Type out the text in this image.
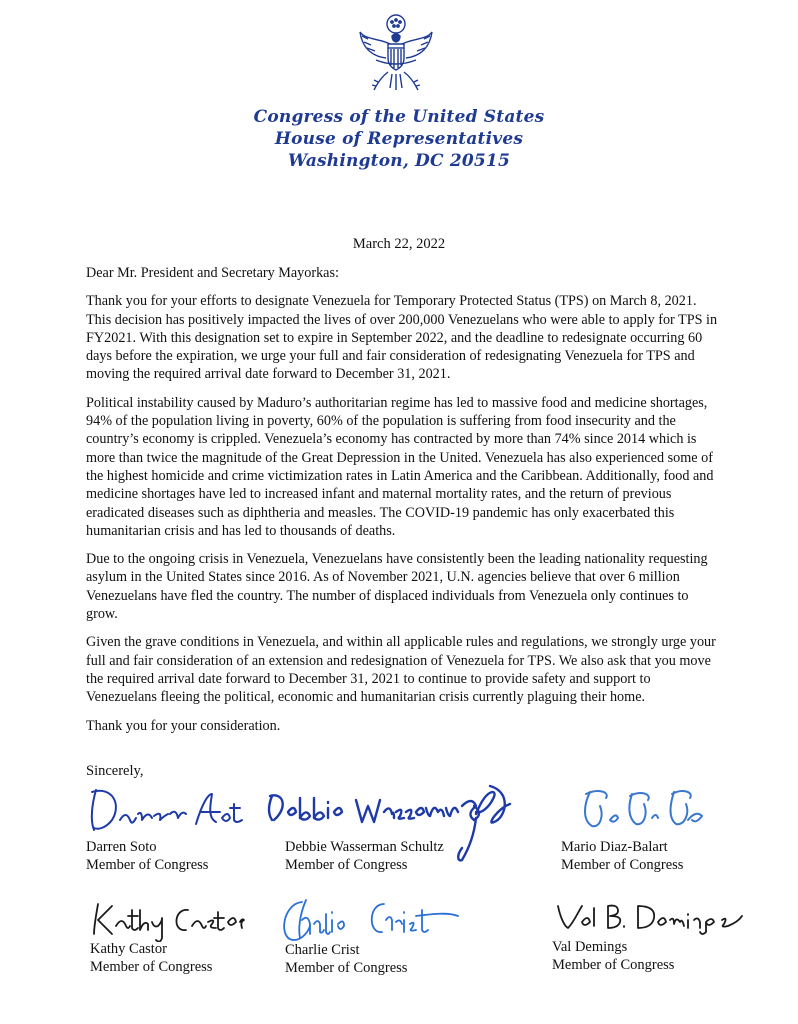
Congress of the United States
House of Representatives
Washington, DC 20515
March 22, 2022

Dear Mr. President and Secretary Mayorkas:

Thank you for your efforts to designate Venezuela for Temporary Protected Status (TPS) on March 8, 2021. This decision has positively impacted the lives of over 200,000 Venezuelans who were able to apply for TPS in FY2021. With this designation set to expire in September 2022, and the deadline to redesignate occurring 60 days before the expiration, we urge your full and fair consideration of redesignating Venezuela for TPS and moving the required arrival date forward to December 31, 2021.

Political instability caused by Maduro’s authoritarian regime has led to massive food and medicine shortages, 94% of the population living in poverty, 60% of the population is suffering from food insecurity and the country’s economy is crippled. Venezuela’s economy has contracted by more than 74% since 2014 which is more than twice the magnitude of the Great Depression in the United. Venezuela has also experienced some of the highest homicide and crime victimization rates in Latin America and the Caribbean. Additionally, food and medicine shortages have led to increased infant and maternal mortality rates, and the return of previous eradicated diseases such as diphtheria and measles. The COVID-19 pandemic has only exacerbated this humanitarian crisis and has led to thousands of deaths.

Due to the ongoing crisis in Venezuela, Venezuelans have consistently been the leading nationality requesting asylum in the United States since 2016. As of November 2021, U.N. agencies believe that over 6 million Venezuelans have fled the country. The number of displaced individuals from Venezuela only continues to grow.

Given the grave conditions in Venezuela, and within all applicable rules and regulations, we strongly urge your full and fair consideration of an extension and redesignation of Venezuela for TPS. We also ask that you move the required arrival date forward to December 31, 2021 to continue to provide safety and support to Venezuelans fleeing the political, economic and humanitarian crisis currently plaguing their home.

Thank you for your consideration.

Sincerely,
Darren Soto
Member of Congress
Debbie Wasserman Schultz
Member of Congress
Mario Diaz-Balart
Member of Congress
Kathy Castor
Member of Congress
Charlie Crist
Member of Congress
Val Demings
Member of Congress
